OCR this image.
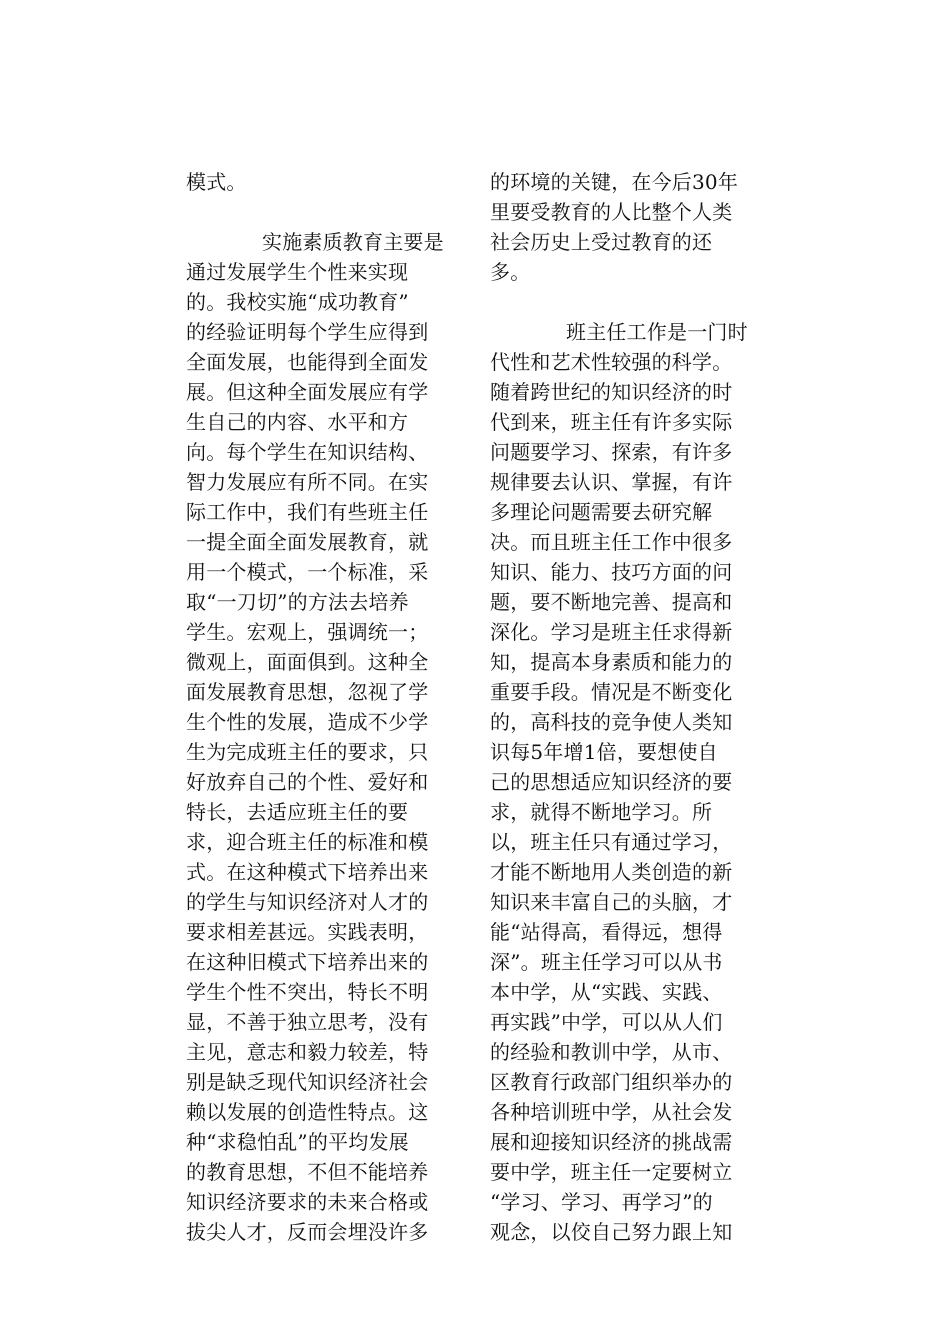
模式。
实施素质教育主要是
通过发展学生个性来实现
的。我校实施“成功教育”
的经验证明每个学生应得到
全面发展，也能得到全面发
展。但这种全面发展应有学
生自己的内容、水平和方
向。每个学生在知识结构、
智力发展应有所不同。在实
际工作中，我们有些班主任
一提全面全面发展教育，就
用一个模式，一个标准，采
取“一刀切”的方法去培养
学生。宏观上，强调统一；
微观上，面面俱到。这种全
面发展教育思想，忽视了学
生个性的发展，造成不少学
生为完成班主任的要求，只
好放弃自己的个性、爱好和
特长，去适应班主任的要
求，迎合班主任的标准和模
式。在这种模式下培养出来
的学生与知识经济对人才的
要求相差甚远。实践表明，
在这种旧模式下培养出来的
学生个性不突出，特长不明
显，不善于独立思考，没有
主见，意志和毅力较差，特
别是缺乏现代知识经济社会
赖以发展的创造性特点。这
种“求稳怕乱”的平均发展
的教育思想，不但不能培养
知识经济要求的未来合格或
拔尖人才，反而会埋没许多
的环境的关键，在今后30年
里要受教育的人比整个人类
社会历史上受过教育的还
多。
班主任工作是一门时
代性和艺术性较强的科学。
随着跨世纪的知识经济的时
代到来，班主任有许多实际
问题要学习、探索，有许多
规律要去认识、掌握，有许
多理论问题需要去研究解
决。而且班主任工作中很多
知识、能力、技巧方面的问
题，要不断地完善、提高和
深化。学习是班主任求得新
知，提高本身素质和能力的
重要手段。情况是不断变化
的，高科技的竞争使人类知
识每5年增1倍，要想使自
己的思想适应知识经济的要
求，就得不断地学习。所
以，班主任只有通过学习，
才能不断地用人类创造的新
知识来丰富自己的头脑，才
能“站得高，看得远，想得
深”。班主任学习可以从书
本中学，从“实践、实践、
再实践”中学，可以从人们
的经验和教训中学，从市、
区教育行政部门组织举办的
各种培训班中学，从社会发
展和迎接知识经济的挑战需
要中学，班主任一定要树立
“学习、学习、再学习”的
观念，以佼自己努力跟上知
